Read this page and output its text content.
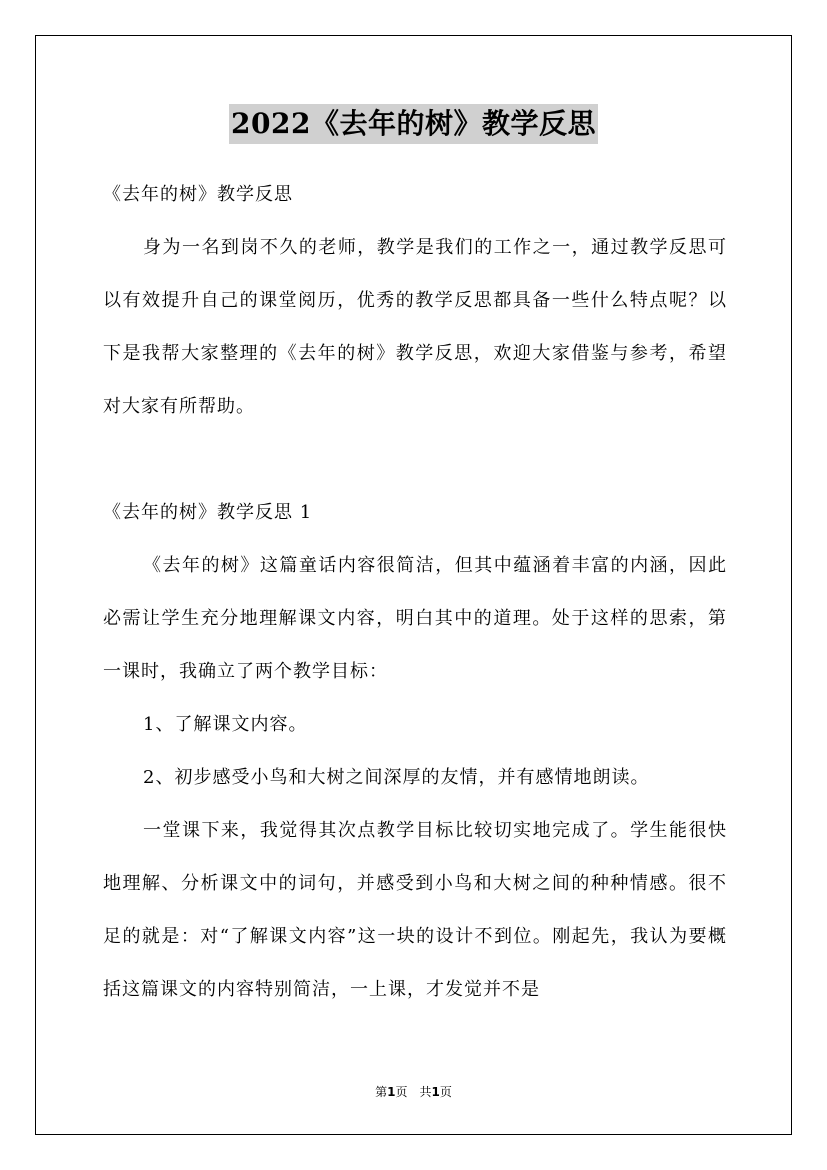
2022《去年的树》教学反思

《去年的树》教学反思

身为一名到岗不久的老师，教学是我们的工作之一，通过教学反思可以有效提升自己的课堂阅历，优秀的教学反思都具备一些什么特点呢？以下是我帮大家整理的《去年的树》教学反思，欢迎大家借鉴与参考，希望对大家有所帮助。

《去年的树》教学反思 1

《去年的树》这篇童话内容很简洁，但其中蕴涵着丰富的内涵，因此必需让学生充分地理解课文内容，明白其中的道理。处于这样的思索，第一课时，我确立了两个教学目标：

1、了解课文内容。

2、初步感受小鸟和大树之间深厚的友情，并有感情地朗读。

一堂课下来，我觉得其次点教学目标比较切实地完成了。学生能很快地理解、分析课文中的词句，并感受到小鸟和大树之间的种种情感。很不足的就是：对“了解课文内容”这一块的设计不到位。刚起先，我认为要概括这篇课文的内容特别简洁，一上课，才发觉并不是

第1页　共1页
